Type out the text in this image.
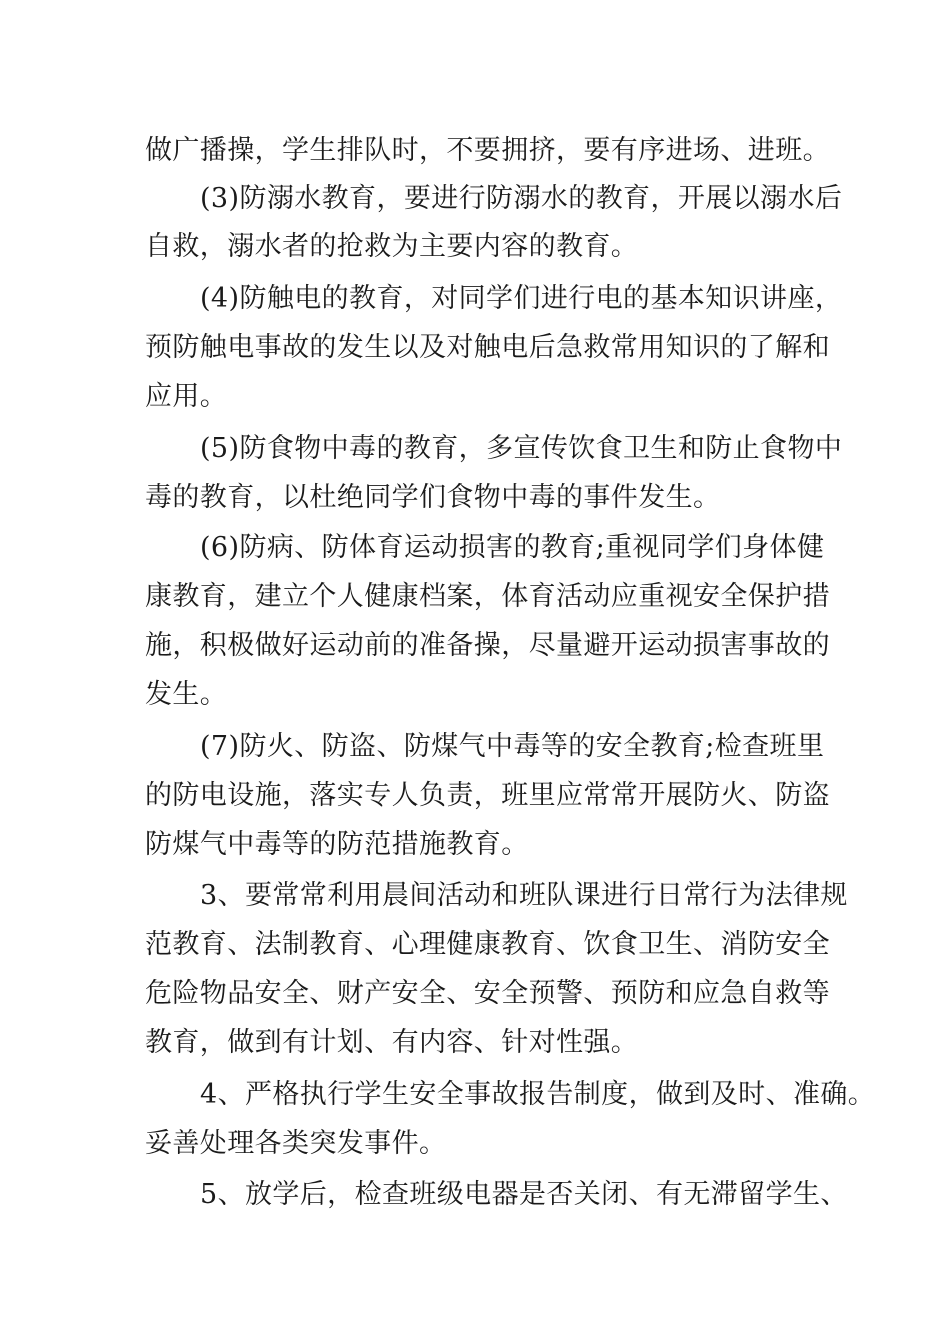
做广播操，学生排队时，不要拥挤，要有序进场、进班。
(3)防溺水教育，要进行防溺水的教育，开展以溺水后
自救，溺水者的抢救为主要内容的教育。
(4)防触电的教育，对同学们进行电的基本知识讲座，
预防触电事故的发生以及对触电后急救常用知识的了解和
应用。
(5)防食物中毒的教育，多宣传饮食卫生和防止食物中
毒的教育，以杜绝同学们食物中毒的事件发生。
(6)防病、防体育运动损害的教育;重视同学们身体健
康教育，建立个人健康档案，体育活动应重视安全保护措
施，积极做好运动前的准备操，尽量避开运动损害事故的
发生。
(7)防火、防盗、防煤气中毒等的安全教育;检查班里
的防电设施，落实专人负责，班里应常常开展防火、防盗
防煤气中毒等的防范措施教育。
3、要常常利用晨间活动和班队课进行日常行为法律规
范教育、法制教育、心理健康教育、饮食卫生、消防安全
危险物品安全、财产安全、安全预警、预防和应急自救等
教育，做到有计划、有内容、针对性强。
4、严格执行学生安全事故报告制度，做到及时、准确。
妥善处理各类突发事件。
5、放学后，检查班级电器是否关闭、有无滞留学生、
